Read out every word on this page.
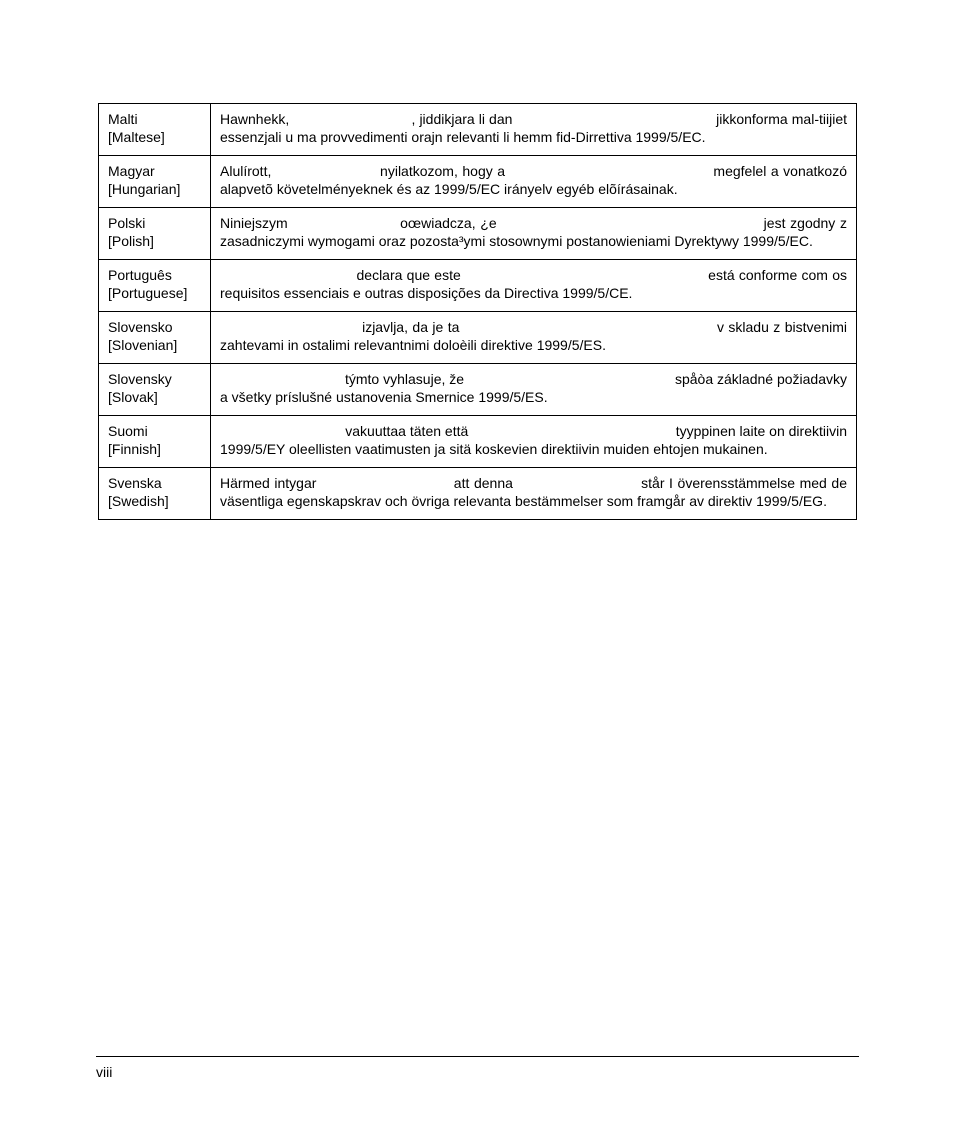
Malti
[Maltese]	Hawnhekk,                              , jiddikjara li dan                                                  jikkonforma mal-tiijiet essenzjali u ma provvedimenti orajn relevanti li hemm fid-Dirrettiva 1999/5/EC.

Magyar
[Hungarian]	Alulírott,                        nyilatkozom, hogy a                                              megfelel a vonatkozó alapvetõ követelményeknek és az 1999/5/EC irányelv egyéb elõírásainak.

Polski
[Polish]	Niniejszym                        oœwiadcza, ¿e                                                         jest zgodny z zasadniczymi wymogami oraz pozosta³ymi stosownymi postanowieniami Dyrektywy 1999/5/EC.

Português
[Portuguese]	declara que este                                                          está conforme com os requisitos essenciais e outras disposições da Directiva 1999/5/CE.

Slovensko
[Slovenian]	izjavlja, da je ta                                                          v skladu z bistvenimi zahtevami in ostalimi relevantnimi doloèili direktive 1999/5/ES.

Slovensky
[Slovak]	týmto vyhlasuje, že                                                      spåòa základné požiadavky a všetky príslušné ustanovenia Smernice 1999/5/ES.

Suomi
[Finnish]	vakuuttaa täten että                                                     tyyppinen laite on direktiivin 1999/5/EY oleellisten vaatimusten ja sitä koskevien direktiivin muiden ehtojen mukainen.

Svenska
[Swedish]	Härmed intygar                              att denna                            står I överensstämmelse med de väsentliga egenskapskrav och övriga relevanta bestämmelser som framgår av direktiv 1999/5/EG.
viii
